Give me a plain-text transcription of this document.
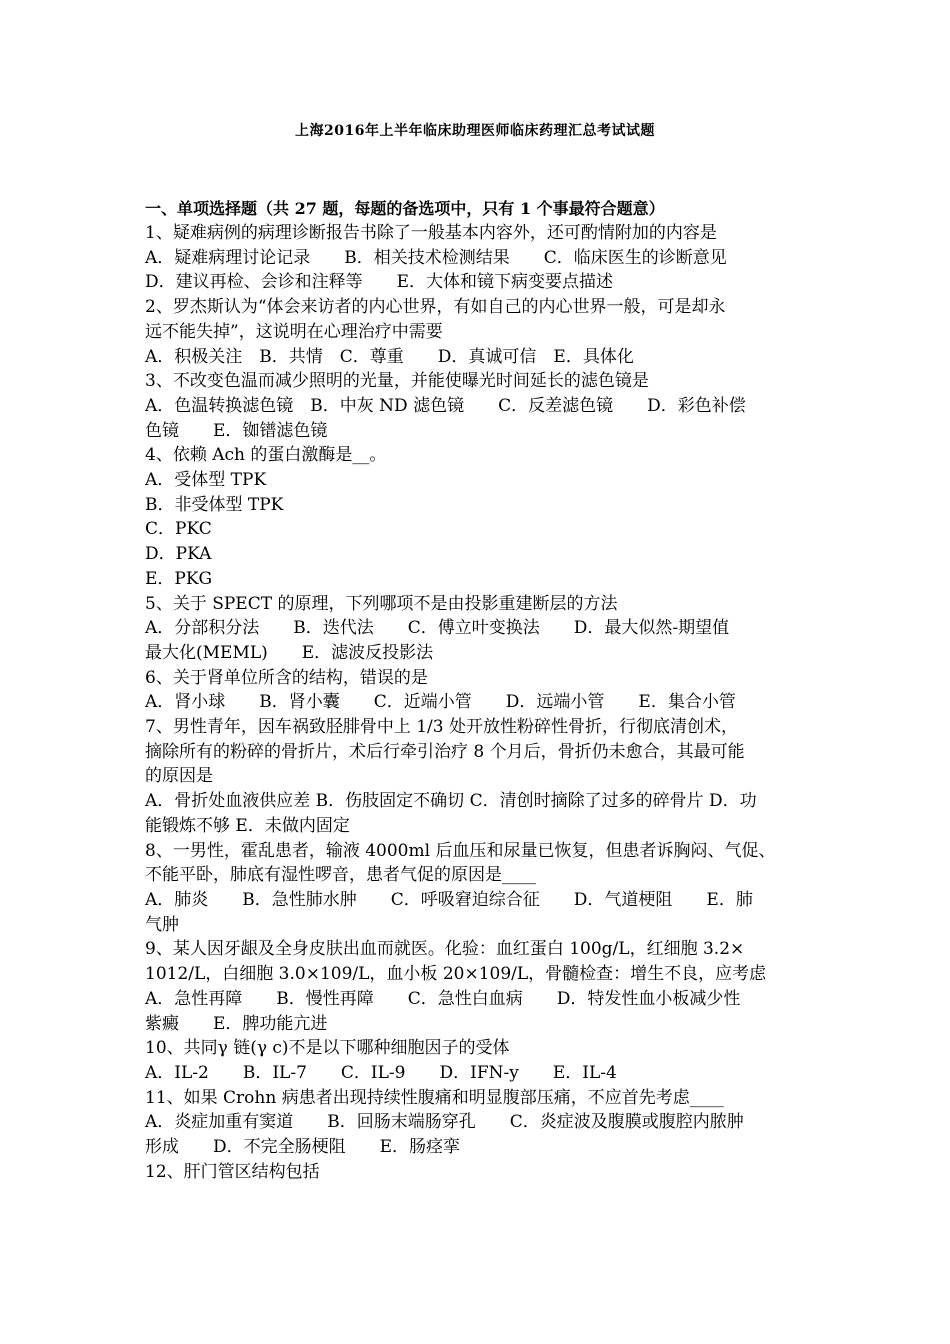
上海2016年上半年临床助理医师临床药理汇总考试试题
一、单项选择题（共 27 题，每题的备选项中，只有 1 个事最符合题意）
1、疑难病例的病理诊断报告书除了一般基本内容外，还可酌情附加的内容是
A．疑难病理讨论记录　　B．相关技术检测结果　　C．临床医生的诊断意见
D．建议再检、会诊和注释等　　E．大体和镜下病变要点描述
2、罗杰斯认为“体会来访者的内心世界，有如自己的内心世界一般，可是却永
远不能失掉”，这说明在心理治疗中需要
A．积极关注　B．共情　C．尊重　　D．真诚可信　E．具体化
3、不改变色温而减少照明的光量，并能使曝光时间延长的滤色镜是
A．色温转换滤色镜　B．中灰 ND 滤色镜　　C．反差滤色镜　　D．彩色补偿
色镜　　E．铷镨滤色镜
4、依赖 Ach 的蛋白激酶是__。
A．受体型 TPK
B．非受体型 TPK
C．PKC
D．PKA
E．PKG
5、关于 SPECT 的原理，下列哪项不是由投影重建断层的方法
A．分部积分法　　B．迭代法　　C．傅立叶变换法　　D．最大似然-期望值
最大化(MEML)　　E．滤波反投影法
6、关于肾单位所含的结构，错误的是
A．肾小球　　B．肾小囊　　C．近端小管　　D．远端小管　　E．集合小管
7、男性青年，因车祸致胫腓骨中上 1/3 处开放性粉碎性骨折，行彻底清创术，
摘除所有的粉碎的骨折片，术后行牵引治疗 8 个月后，骨折仍未愈合，其最可能
的原因是
A．骨折处血液供应差 B．伤肢固定不确切 C．清创时摘除了过多的碎骨片 D．功
能锻炼不够 E．未做内固定
8、一男性，霍乱患者，输液 4000ml 后血压和尿量已恢复，但患者诉胸闷、气促、
不能平卧，肺底有湿性啰音，患者气促的原因是____
A．肺炎　　B．急性肺水肿　　C．呼吸窘迫综合征　　D．气道梗阻　　E．肺
气肿
9、某人因牙龈及全身皮肤出血而就医。化验：血红蛋白 100g/L，红细胞 3.2×
1012/L，白细胞 3.0×109/L，血小板 20×109/L，骨髓检查：增生不良，应考虑
A．急性再障　　B．慢性再障　　C．急性白血病　　D．特发性血小板减少性
紫癜　　E．脾功能亢进
10、共同γ 链(γ c)不是以下哪种细胞因子的受体
A．IL-2　　B．IL-7　　C．IL-9　　D．IFN-y　　E．IL-4
11、如果 Crohn 病患者出现持续性腹痛和明显腹部压痛，不应首先考虑____
A．炎症加重有窦道　　B．回肠末端肠穿孔　　C．炎症波及腹膜或腹腔内脓肿
形成　　D．不完全肠梗阻　　E．肠痉挛
12、肝门管区结构包括
